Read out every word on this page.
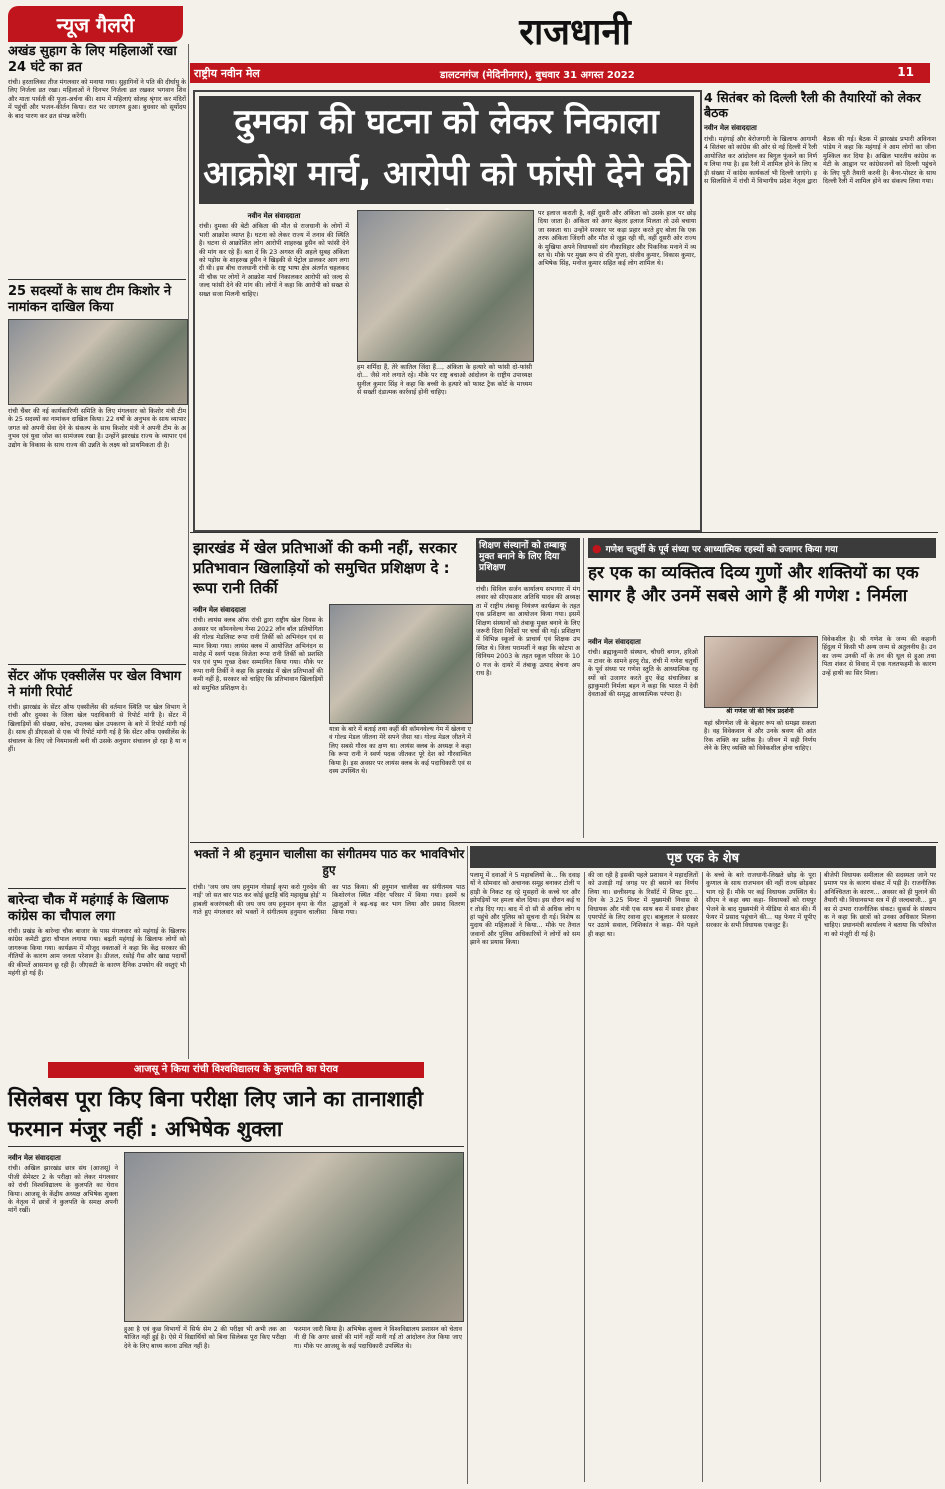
न्यूज गैलरी	राजधानी
राष्ट्रीय नवीन मेल	डालटनगंज (मेदिनीनगर), बुधवार 31 अगस्त 2022	11
अखंड सुहाग के लिए महिलाओं रखा 24 घंटे का व्रत
रांची। हरतालिका तीज मंगलवार को मनाया गया। सुहागिनों ने पति की दीर्घायु के लिए निर्जला व्रत रखा। महिलाओं ने दिनभर निर्जला व्रत रखकर भगवान शिव और माता पार्वती की पूजा-अर्चना की। शाम में महिलाएं सोलह श्रृंगार कर मंदिरों में पहुंचीं और भजन-कीर्तन किया। रात भर जागरण हुआ। बुधवार को सूर्योदय के बाद पारण कर व्रत संपन्न करेंगी।
25 सदस्यों के साथ टीम किशोर ने नामांकन दाखिल किया
रांची चैंबर की नई कार्यकारिणी समिति के लिए मंगलवार को किशोर मंत्री टीम के 25 सदस्यों का नामांकन दाखिल किया। 22 वर्षों के अनुभव के साथ व्यापार जगत को अपनी सेवा देने के संकल्प के साथ किशोर मंत्री ने अपनी टीम के अनुभव एवं युवा जोश का सामंजस्य रखा है। उन्होंने झारखंड राज्य के व्यापार एवं उद्योग के विकास के साथ राज्य की उन्नति के लक्ष्य को प्राथमिकता दी है।
सेंटर ऑफ एक्सीलेंस पर खेल विभाग ने मांगी रिपोर्ट
रांची। झारखंड के सेंटर ऑफ एक्सीलेंस की वर्तमान स्थिति पर खेल विभाग ने रांची और दुमका के जिला खेल पदाधिकारी से रिपोर्ट मांगी है। सेंटर में खिलाड़ियों की संख्या, कोच, उपलब्ध खेल उपकरण के बारे में रिपोर्ट मांगी गई है। साथ ही डीएसओ से एक भी रिपोर्ट मांगी गई है कि सेंटर ऑफ एक्सीलेंस के संचालन के लिए जो नियमावली बनी थी उसके अनुसार संचालन हो रहा है या नहीं।
बारेन्दा चौक में महंगाई के खिलाफ कांग्रेस का चौपाल लगा
रांची। प्रखंड के बारेन्दा चौक बाजार के पास मंगलवार को महंगाई के खिलाफ कांग्रेस कमेटी द्वारा चौपाल लगाया गया। बढ़ती महंगाई के खिलाफ लोगों को जागरूक किया गया। कार्यक्रम में मौजूद वक्ताओं ने कहा कि केंद्र सरकार की नीतियों के कारण आम जनता परेशान है। डीजल, रसोई गैस और खाद्य पदार्थों की कीमतें आसमान छू रही हैं। जीएसटी के कारण दैनिक उपयोग की वस्तुएं भी महंगी हो गई हैं।
दुमका की घटना को लेकर निकाला आक्रोश मार्च, आरोपी को फांसी देने की
नवीन मेल संवाददाता
रांची। दुमका की बेटी अंकिता की मौत से राजधानी के लोगों में भारी आक्रोश व्याप्त है। घटना को लेकर राज्य में तनाव की स्थिति है। घटना से आक्रोशित लोग आरोपी शाहरुख हुसैन को फांसी देने की मांग कर रहे हैं। बता दें कि 23 अगस्त की अहले सुबह अंकिता को पड़ोस के शाहरुख हुसैन ने खिड़की से पेट्रोल डालकर आग लगा दी थी। इस बीच राजधानी रांची के राष्ट्र भाषा क्षेत्र अंतर्गत चहलकदमी चौक पर लोगों ने आक्रोश मार्च निकालकर आरोपी को जल्द से जल्द फांसी देने की मांग की। लोगों ने कहा कि आरोपी को सख्त से सख्त सजा मिलनी चाहिए।
हम शर्मिंदा हैं, तेरे कातिल जिंदा हैं..., अंकिता के हत्यारे को फांसी दो-फांसी दो... जैसे नारे लगाते रहे। मौके पर राष्ट्र बचाओ आंदोलन के राष्ट्रीय उपाध्यक्ष सुनील कुमार सिंह ने कहा कि बच्ची के हत्यारे को फास्ट ट्रैक कोर्ट के माध्यम से सख्ती दंडात्मक कार्रवाई होनी चाहिए।
पर इलाज कराती है, वहीं दूसरी और अंकिता को उसके हाल पर छोड़ दिया जाता है। अंकिता को अगर बेहतर इलाज मिलता तो उसे बचाया जा सकता था। उन्होंने सरकार पर कड़ा प्रहार करते हुए बोला कि एक तरफ अंकिता जिंदगी और मौत से जूझ रही थी, वहीं दूसरी ओर राज्य के मुखिया अपने विधायकों संग नौकाविहार और पिकनिक मनाने में व्यस्त थे। मौके पर मुख्य रूप से रवि गुप्ता, संजीव कुमार, विकास कुमार, अभिषेक सिंह, मनोज कुमार सहित कई लोग शामिल थे।
4 सितंबर को दिल्ली रैली की तैयारियों को लेकर बैठक
नवीन मेल संवाददाता
रांची। महंगाई और बेरोजगारी के खिलाफ आगामी 4 सितंबर को कांग्रेस की ओर से नई दिल्ली में रैली आयोजित कर आंदोलन का बिगुल फूंकने का निर्णय लिया गया है। इस रैली में शामिल होने के लिए बड़ी संख्या में कांग्रेस कार्यकर्ता भी दिल्ली जाएंगे। इस सिलसिले में रांची में विभागीय प्रदेश नेतृत्व द्वारा बैठक की गई। बैठक में झारखंड प्रभारी अविनाश पांडेय ने कहा कि महंगाई ने आम लोगों का जीना मुश्किल कर दिया है। अखिल भारतीय कांग्रेस कमेटी के आह्वान पर कांग्रेसजनों को दिल्ली पहुंचने के लिए पूरी तैयारी करनी है। बैनर-पोस्टर के साथ दिल्ली रैली में शामिल होने का संकल्प लिया गया।
झारखंड में खेल प्रतिभाओं की कमी नहीं, सरकार प्रतिभावान खिलाड़ियों को समुचित प्रशिक्षण दे : रूपा रानी तिर्की
नवीन मेल संवाददाता
रांची। लायंस क्लब ऑफ रांची द्वारा राष्ट्रीय खेल दिवस के अवसर पर कॉमनवेल्थ गेम्स 2022 लॉन बॉल प्रतियोगिता की गोल्ड मेडलिस्ट रूपा रानी तिर्की को अभिनंदन एवं सम्मान किया गया। लायंस क्लब में आयोजित अभिनंदन समारोह में स्वर्ण पदक विजेता रूपा रानी तिर्की को प्रशस्ति पत्र एवं पुष्प गुच्छ देकर सम्मानित किया गया। मौके पर रूपा रानी तिर्की ने कहा कि झारखंड में खेल प्रतिभाओं की कमी नहीं है, सरकार को चाहिए कि प्रतिभावान खिलाड़ियों को समुचित प्रशिक्षण दे।
यात्रा के बारे में बताई तथा कहीं की कॉमनवेल्थ गेम में खेलना एवं गोल्ड मेडल जीतना मेरे सपने जैसा था। गोल्ड मेडल जीतने में लिए सबसे गौरव का क्षण था। लायंस क्लब के अध्यक्ष ने कहा कि रूपा रानी ने स्वर्ण पदक जीतकर पूरे देश को गौरवान्वित किया है। इस अवसर पर लायंस क्लब के कई पदाधिकारी एवं सदस्य उपस्थित थे।
शिक्षण संस्थानों को तम्बाकू मुक्त बनाने के लिए दिया प्रशिक्षण
रांची। सिविल सर्जन कार्यालय सभागार में मंगलवार को सीएसआर अतिथि यादव की अध्यक्षता में राष्ट्रीय तंबाकू नियंत्रण कार्यक्रम के तहत एक प्रशिक्षण का आयोजन किया गया। इसमें शिक्षण संस्थानों को तंबाकू मुक्त बनाने के लिए जरूरी दिशा निर्देशों पर चर्चा की गई। प्रशिक्षण में विभिन्न स्कूलों के प्राचार्य एवं शिक्षक उपस्थित थे। जिला परामर्शी ने कहा कि कोटपा अधिनियम 2003 के तहत स्कूल परिसर के 100 गज के दायरे में तंबाकू उत्पाद बेचना अपराध है।
● गणेश चतुर्थी के पूर्व संध्या पर आध्यात्मिक रहस्यों को उजागर किया गया
हर एक का व्यक्तित्व दिव्य गुणों और शक्तियों का एक सागर है और उनमें सबसे आगे हैं श्री गणेश : निर्मला
नवीन मेल संवाददाता
रांची। ब्रह्माकुमारी संस्थान, चौधरी बगान, हरिओम टावर के सामने हरमू रोड, रांची में गणेश चतुर्थी के पूर्व संध्या पर गणेश स्तुति के आध्यात्मिक रहस्यों को उजागर करते हुए केंद्र संचालिका ब्रह्माकुमारी निर्मला बहन ने कहा कि भारत में देवी देवताओं की समृद्ध आध्यात्मिक परंपरा है।
श्री गणेश जी की चित्र प्रदर्शनी
यहां श्रीगणेश जी के बेहतर रूप को समझा सकता है। वह विवेकवान थे और उनके श्रवण की आंतरिक शक्ति का प्रतीक है। जीवन में सही निर्णय लेने के लिए व्यक्ति को विवेकशील होना चाहिए।
विवेकशील है। श्री गणेश के जन्म की कहानी हिंदुत्व में किसी भी अन्य जन्म से अतुलनीय है। उनका जन्म उनकी माँ के तन की धूल से हुआ तथा पिता शंकर से विवाद में एक गलतफहमी के कारण उन्हें हाथी का सिर मिला।
भक्तों ने श्री हनुमान चालीसा का संगीतमय पाठ कर भावविभोर हुए
रांची। 'जय जय जय हनुमान गोसाईं कृपा करो गुरुदेव की नाईं' जो सत बार पाठ कर कोई छूटहि बंदि महासुख होई' महाबली बजरंगबली की जय जय जय हनुमान कृपा के गीत गाते हुए मंगलवार को भक्तों ने संगीतमय हनुमान चालीसा का पाठ किया। श्री हनुमान चालीसा का संगीतमय पाठ किशोरगंज स्थित मंदिर परिसर में किया गया। इसमें श्रद्धालुओं ने बढ़-चढ़ कर भाग लिया और प्रसाद वितरण किया गया।
पृष्ठ एक के शेष
पलामू में दवाओं ने 5 महाबलियों के... कि दवाइयों ने सोमवार को अचानक समूह बनाकर टोली पहाड़ी के निकट रह रहे मुसहरों के कच्चे घर और झोपड़ियों पर हमला बोल दिया। इस दौरान कई घर तोड़ दिए गए। बाद में दो सौ से अधिक लोग यहां पहुंचे और पुलिस को सूचना दी गई। विशेष समुदाय की महिलाओं ने किया... मौके पर तैनात जवानों और पुलिस अधिकारियों ने लोगों को समझाने का प्रयास किया।
की जा रही है इसकी पहले प्रशासन ने महादलितों को उजाड़ी गई जगह पर ही बसाने का निर्णय लिया था। छत्तीसगढ़ के रिसॉर्ट में शिफ्ट हुए... दिन के 3.25 मिनट में मुख्यमंत्री निवास से विधायक और मंत्री एक साथ बस में सवार होकर एयरपोर्ट के लिए रवाना हुए। बाबूलाल ने सरकार पर उठाये सवाल, निशिकांत ने कहा- मैंने पहले ही कहा था।
के बच्चे के बारे राजधानी-लिखते छोड़ के पूरा कुणाल के साथ राजभवन की नहीं राज्य छोड़कर भाग रहे हैं। मौके पर कई विधायक उपस्थित थे। सीएम ने कहा क्या कहा- विधायकों को रायपुर भेजने के बाद मुख्यमंत्री ने मीडिया से बात की। मैं फेयर में प्रसाद पहुंचाने की... यह फेयर में यूपीए सरकार के सभी विधायक एकजुट हैं।
बीजेपी विधायक समीलाल की सदस्यता जाने पर प्रमाण पत्र के कारण संकट में पड़ी है। राजनीतिक अनिश्चितता के कारण... अवसर को ही पुलाने की तैयारी थी। विधानसभा सत्र में ही जल्दबाजी... डुमका से उभरा राजनीतिक संकट। सुकर्स के संस्थापक ने कहा कि छात्रों को उनका अधिकार मिलना चाहिए। प्रधानमंत्री कार्यालय ने बताया कि परियोजना को मंजूरी दी गई है।
आजसू ने किया रांची विश्वविद्यालय के कुलपति का घेराव
सिलेबस पूरा किए बिना परीक्षा लिए जाने का तानाशाही फरमान मंजूर नहीं : अभिषेक शुक्ला
नवीन मेल संवाददाता
रांची। अखिल झारखंड छात्र संघ (आजसू) ने पीजी सेमेस्टर 2 के परीक्षा को लेकर मंगलवार को रांची विश्वविद्यालय के कुलपति का घेराव किया। आजसू के केंद्रीय अध्यक्ष अभिषेक शुक्ला के नेतृत्व में छात्रों ने कुलपति के समक्ष अपनी मांगें रखीं।
हुआ है एवं कुछ विभागों में सिर्फ सेम 2 की परीक्षा भी अभी तक आयोजित नहीं हुई है। ऐसे में विद्यार्थियों को बिना सिलेबस पूरा किए परीक्षा देने के लिए बाध्य करना उचित नहीं है।
फरमान जारी किया है। अभिषेक शुक्ला ने विश्वविद्यालय प्रशासन को चेतावनी दी कि अगर छात्रों की मांगें नहीं मानी गईं तो आंदोलन तेज किया जाएगा। मौके पर आजसू के कई पदाधिकारी उपस्थित थे।
